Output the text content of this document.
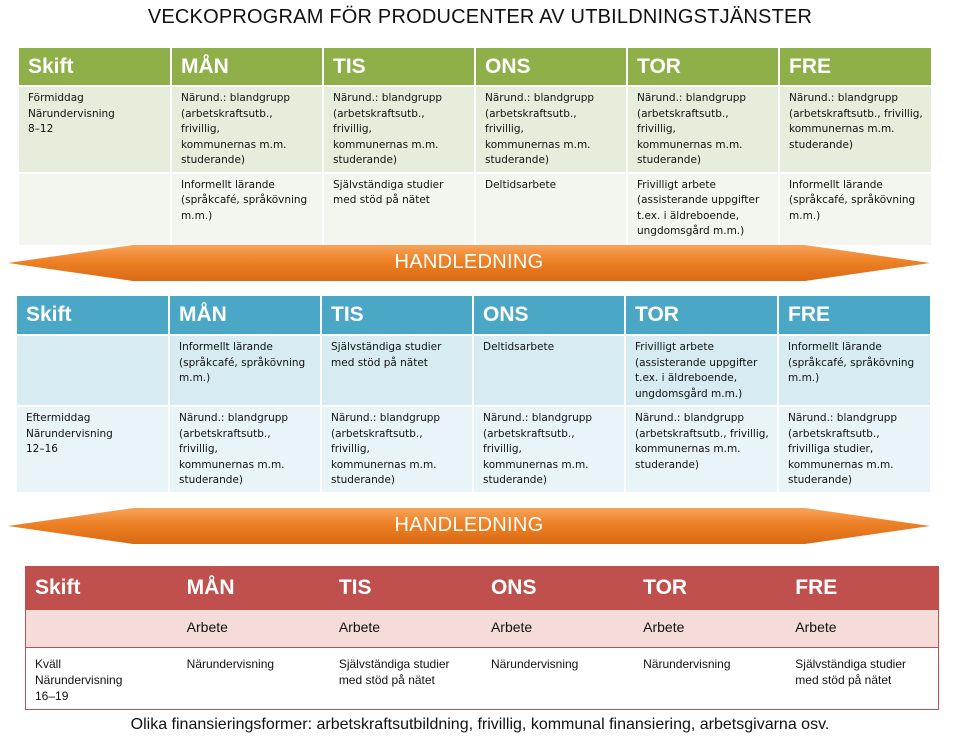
VECKOPROGRAM FÖR PRODUCENTER AV UTBILDNINGSTJÄNSTER
Skift	MÅN	TIS	ONS	TOR	FRE
Förmiddag
Närundervisning
8–12	Närund.: blandgrupp
(arbetskraftsutb., frivillig,
kommunernas m.m.
studerande)	Närund.: blandgrupp
(arbetskraftsutb., frivillig,
kommunernas m.m.
studerande)	Närund.: blandgrupp
(arbetskraftsutb., frivillig,
kommunernas m.m.
studerande)	Närund.: blandgrupp
(arbetskraftsutb., frivillig,
kommunernas m.m.
studerande)	Närund.: blandgrupp
(arbetskraftsutb., frivillig,
kommunernas m.m.
studerande)
	Informellt lärande
(språkcafé, språkövning
m.m.)	Självständiga studier
med stöd på nätet	Deltidsarbete	Frivilligt arbete
(assisterande uppgifter
t.ex. i äldreboende,
ungdomsgård m.m.)	Informellt lärande
(språkcafé, språkövning
m.m.)
HANDLEDNING
Skift	MÅN	TIS	ONS	TOR	FRE
	Informellt lärande
(språkcafé, språkövning
m.m.)	Självständiga studier
med stöd på nätet	Deltidsarbete	Frivilligt arbete
(assisterande uppgifter
t.ex. i äldreboende,
ungdomsgård m.m.)	Informellt lärande
(språkcafé, språkövning
m.m.)
Eftermiddag
Närundervisning
12–16	Närund.: blandgrupp
(arbetskraftsutb., frivillig,
kommunernas m.m.
studerande)	Närund.: blandgrupp
(arbetskraftsutb., frivillig,
kommunernas m.m.
studerande)	Närund.: blandgrupp
(arbetskraftsutb., frivillig,
kommunernas m.m.
studerande)	Närund.: blandgrupp
(arbetskraftsutb., frivillig,
kommunernas m.m.
studerande)	Närund.: blandgrupp
(arbetskraftsutb.,
frivilliga studier,
kommunernas m.m.
studerande)
HANDLEDNING
Skift	MÅN	TIS	ONS	TOR	FRE
	Arbete	Arbete	Arbete	Arbete	Arbete
Kväll
Närundervisning
16–19	Närundervisning	Självständiga studier
med stöd på nätet	Närundervisning	Närundervisning	Självständiga studier
med stöd på nätet
Olika finansieringsformer: arbetskraftsutbildning, frivillig, kommunal finansiering, arbetsgivarna osv.
